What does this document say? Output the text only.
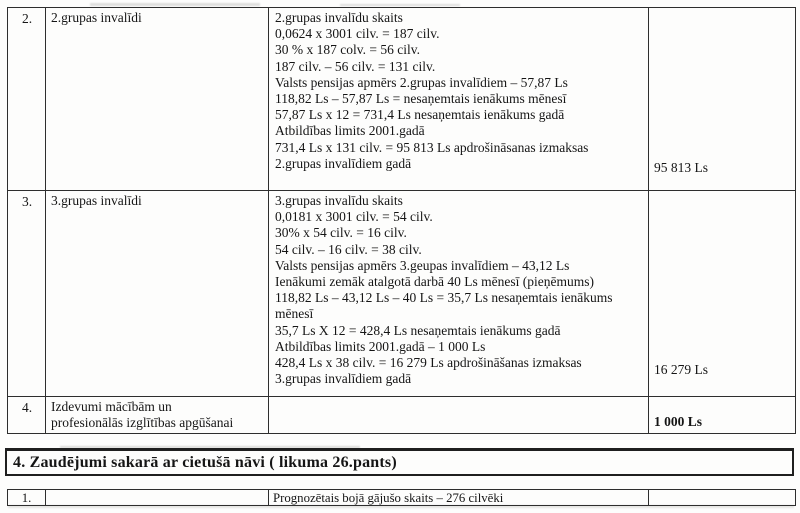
2.	2.grupas invalīdi	2.grupas invalīdu skaits
0,0624 x 3001 cilv. = 187 cilv.
30 % x 187 colv. = 56 cilv.
187 cilv. – 56 cilv. = 131 cilv.
Valsts pensijas apmērs 2.grupas invalīdiem – 57,87 Ls
118,82 Ls – 57,87 Ls = nesaņemtais ienākums mēnesī
57,87 Ls x 12 = 731,4 Ls nesaņemtais ienākums gadā
Atbildības limits 2001.gadā
731,4 Ls x 131 cilv. = 95 813 Ls apdrošināsanas izmaksas
2.grupas invalīdiem gadā	95 813 Ls
3.	3.grupas invalīdi	3.grupas invalīdu skaits
0,0181 x 3001 cilv. = 54 cilv.
30% x 54 cilv. = 16 cilv.
54 cilv. – 16 cilv. = 38 cilv.
Valsts pensijas apmērs 3.geupas invalīdiem – 43,12 Ls
Ienākumi zemāk atalgotā darbā 40 Ls mēnesī (pieņēmums)
118,82 Ls – 43,12 Ls – 40 Ls = 35,7 Ls nesaņemtais ienākums
mēnesī
35,7 Ls X 12 = 428,4 Ls nesaņemtais ienākums gadā
Atbildības limits 2001.gadā – 1 000 Ls
428,4 Ls x 38 cilv. = 16 279 Ls apdrošināšanas izmaksas
3.grupas invalīdiem gadā
	16 279 Ls
4.	Izdevumi mācībām un
profesionālās izglītības apgūšanai		1 000 Ls
4. Zaudējumi sakarā ar cietušā nāvi ( likuma 26.pants)
1.		Prognozētais bojā gājušo skaits – 276 cilvēki	
